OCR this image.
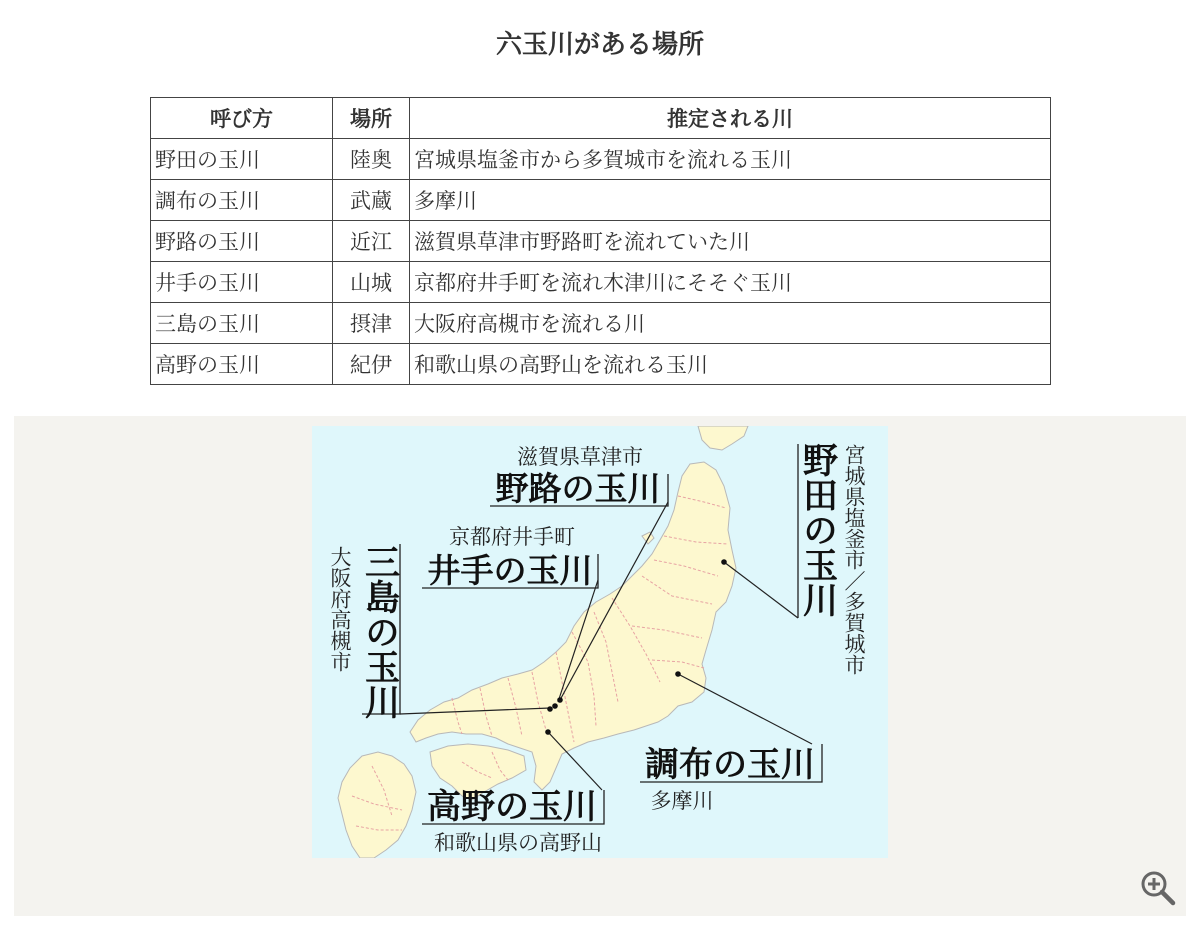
六玉川がある場所
呼び方	場所	推定される川
野田の玉川	陸奥	宮城県塩釜市から多賀城市を流れる玉川
調布の玉川	武蔵	多摩川
野路の玉川	近江	滋賀県草津市野路町を流れていた川
井手の玉川	山城	京都府井手町を流れ木津川にそそぐ玉川
三島の玉川	摂津	大阪府高槻市を流れる川
高野の玉川	紀伊	和歌山県の高野山を流れる玉川
滋賀県草津市
野路の玉川
京都府井手町
井手の玉川
三島の玉川
大阪府高槻市	野田の玉川 宮城県塩釜市／多賀城市
調布の玉川
多摩川
高野の玉川
和歌山県の高野山
